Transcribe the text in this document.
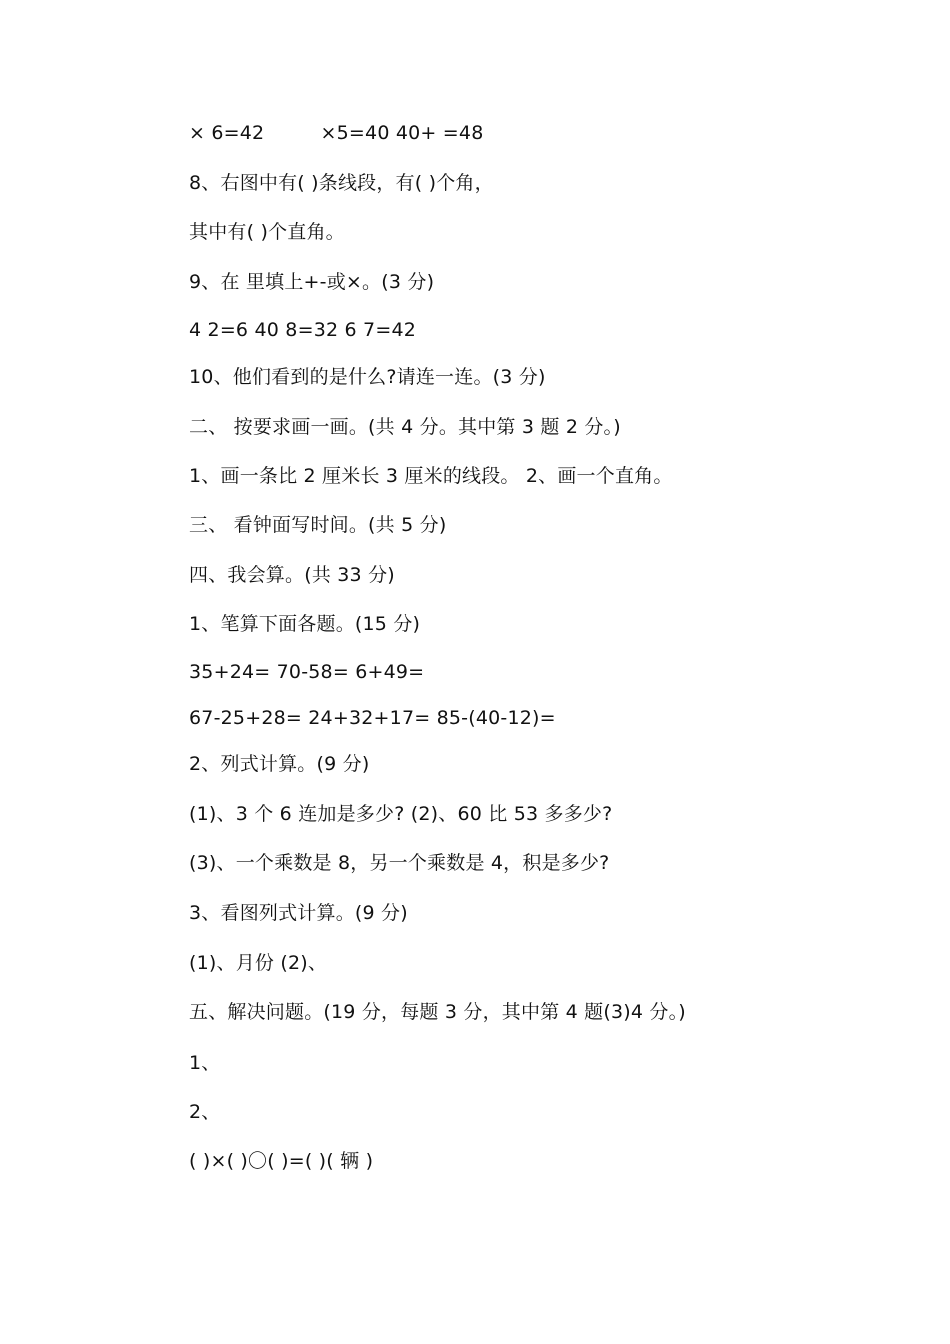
× 6=42         ×5=40 40+ =48
8、右图中有( )条线段，有( )个角，
其中有( )个直角。
9、在 里填上+-或×。(3 分)
4 2=6 40 8=32 6 7=42
10、他们看到的是什么?请连一连。(3 分)
二、 按要求画一画。(共 4 分。其中第 3 题 2 分。)
1、画一条比 2 厘米长 3 厘米的线段。 2、画一个直角。
三、 看钟面写时间。(共 5 分)
四、我会算。(共 33 分)
1、笔算下面各题。(15 分)
35+24= 70-58= 6+49=
67-25+28= 24+32+17= 85-(40-12)=
2、列式计算。(9 分)
(1)、3 个 6 连加是多少? (2)、60 比 53 多多少?
(3)、一个乘数是 8，另一个乘数是 4，积是多少?
3、看图列式计算。(9 分)
(1)、月份 (2)、
五、解决问题。(19 分，每题 3 分，其中第 4 题(3)4 分。)
1、
2、
( )×( )〇( )=( )( 辆 )
